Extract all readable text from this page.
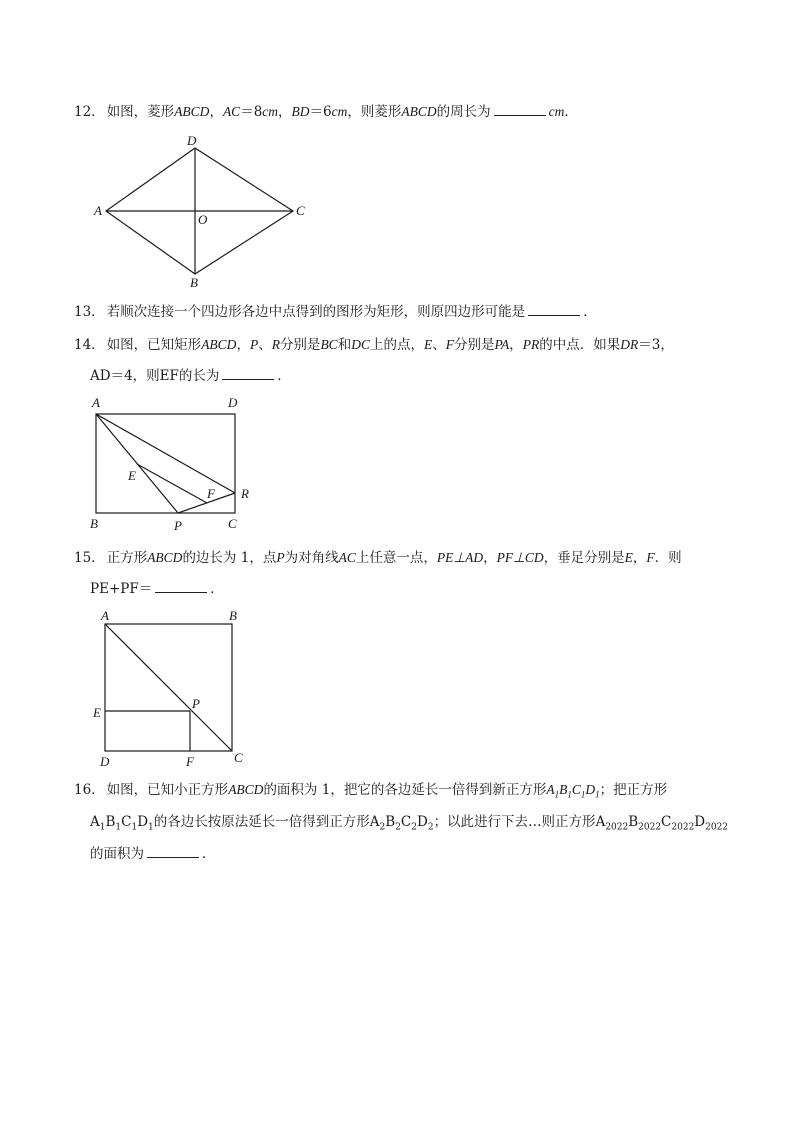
12． 如图，菱形ABCD，AC＝8cm，BD＝6cm，则菱形ABCD的周长为	cm．
D
A	C
O
B
A	D
B	C
E
F
P
R
A	B
D	C
E
F
P
13． 若顺次连接一个四边形各边中点得到的图形为矩形，则原四边形可能是	．
14． 如图，已知矩形ABCD，P、R分别是BC和DC上的点，E、F分别是PA，PR的中点．如果DR＝3，
AD＝4，则EF的长为	．
15． 正方形ABCD的边长为 1，点P为对角线AC上任意一点，PE⊥AD，PF⊥CD，垂足分别是E，F．则
PE+PF＝	．
16． 如图，已知小正方形ABCD的面积为 1，把它的各边延长一倍得到新正方形$A_1B_1C_1D_1$；把正方形
$A_1B_1C_1D_1$的各边长按原法延长一倍得到正方形$A_2B_2C_2D_2$；以此进行下去…则正方形$A_{2022}B_{2022}C_{2022}D_{2022}$
的面积为	．
